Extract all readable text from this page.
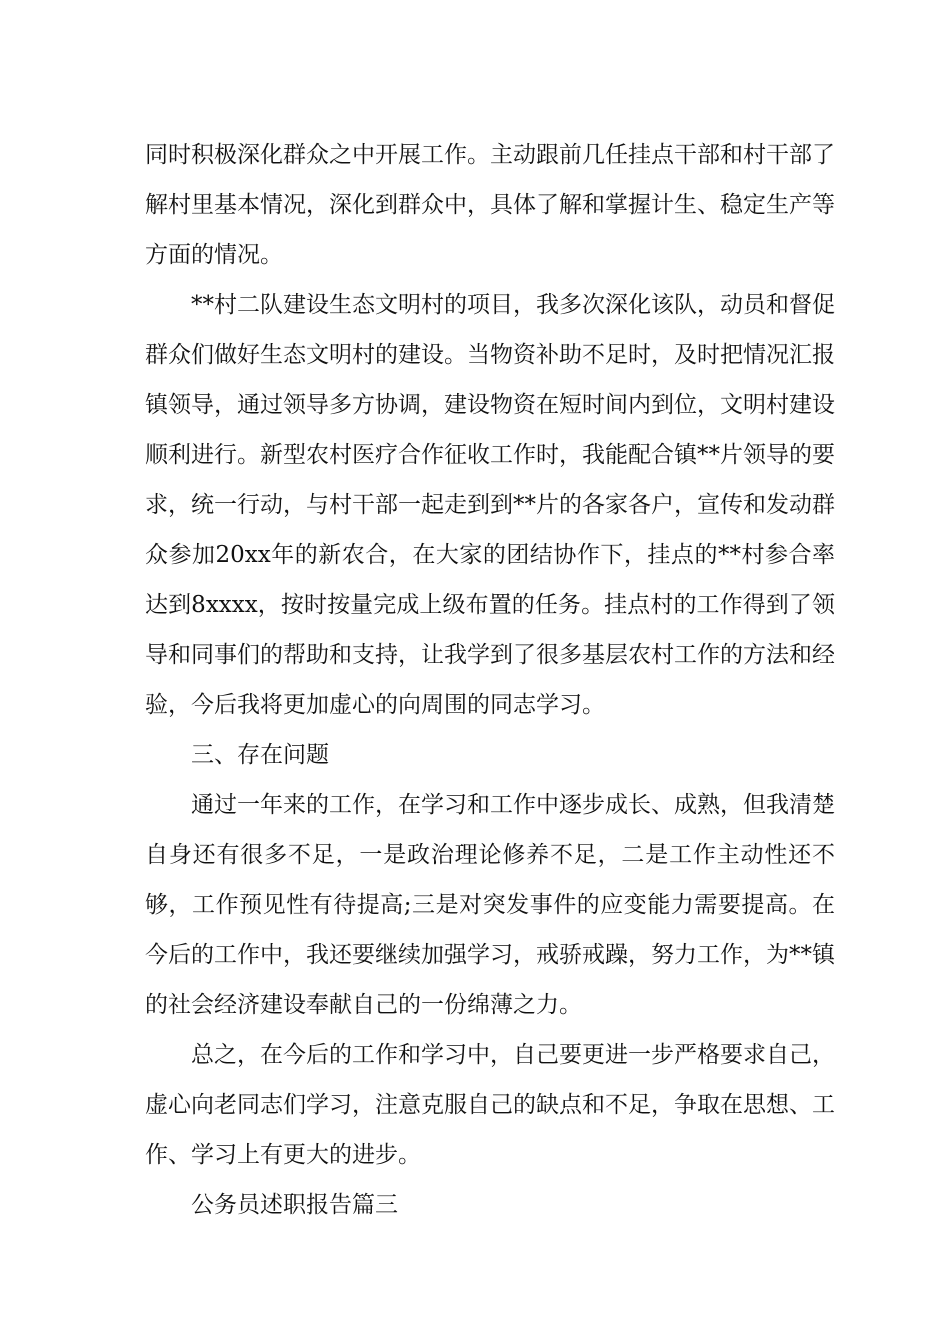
同时积极深化群众之中开展工作。主动跟前几任挂点干部和村干部了解村里基本情况，深化到群众中，具体了解和掌握计生、稳定生产等方面的情况。

**村二队建设生态文明村的项目，我多次深化该队，动员和督促群众们做好生态文明村的建设。当物资补助不足时，及时把情况汇报镇领导，通过领导多方协调，建设物资在短时间内到位，文明村建设顺利进行。新型农村医疗合作征收工作时，我能配合镇**片领导的要求，统一行动，与村干部一起走到到**片的各家各户，宣传和发动群众参加20xx年的新农合，在大家的团结协作下，挂点的**村参合率达到8xxxx，按时按量完成上级布置的任务。挂点村的工作得到了领导和同事们的帮助和支持，让我学到了很多基层农村工作的方法和经验，今后我将更加虚心的向周围的同志学习。

三、存在问题

通过一年来的工作，在学习和工作中逐步成长、成熟，但我清楚自身还有很多不足，一是政治理论修养不足，二是工作主动性还不够，工作预见性有待提高;三是对突发事件的应变能力需要提高。在今后的工作中，我还要继续加强学习，戒骄戒躁，努力工作，为**镇的社会经济建设奉献自己的一份绵薄之力。

总之，在今后的工作和学习中，自己要更进一步严格要求自己，虚心向老同志们学习，注意克服自己的缺点和不足，争取在思想、工作、学习上有更大的进步。

公务员述职报告篇三
